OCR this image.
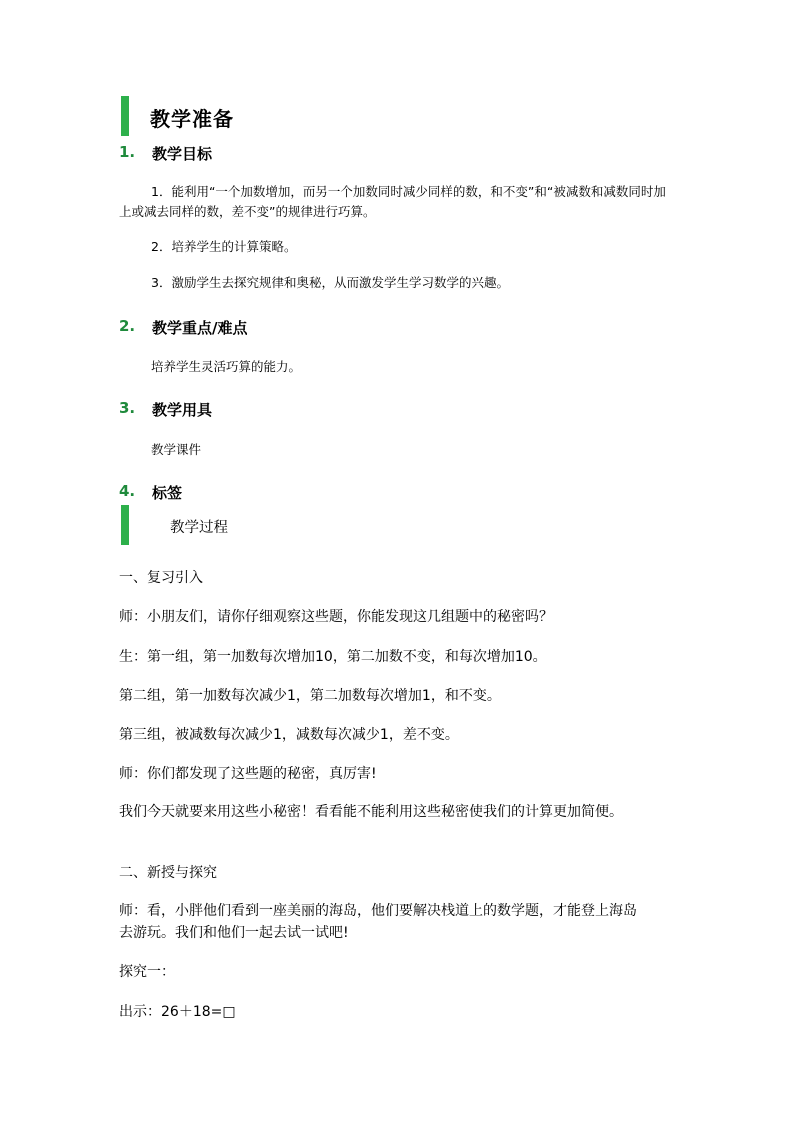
教学准备
1. 教学目标
1．能利用“一个加数增加，而另一个加数同时减少同样的数，和不变”和“被减数和减数同时加上或减去同样的数，差不变”的规律进行巧算。
2．培养学生的计算策略。
3．激励学生去探究规律和奥秘，从而激发学生学习数学的兴趣。
2. 教学重点/难点
培养学生灵活巧算的能力。
3. 教学用具
教学课件
4. 标签
教学过程
一、复习引入
师：小朋友们，请你仔细观察这些题，你能发现这几组题中的秘密吗？
生：第一组，第一加数每次增加10，第二加数不变，和每次增加10。
第二组，第一加数每次减少1，第二加数每次增加1，和不变。
第三组，被减数每次减少1，减数每次减少1，差不变。
师：你们都发现了这些题的秘密，真厉害!
我们今天就要来用这些小秘密！看看能不能利用这些秘密使我们的计算更加简便。
二、新授与探究
师：看，小胖他们看到一座美丽的海岛，他们要解决栈道上的数学题，才能登上海岛去游玩。我们和他们一起去试一试吧!
探究一：
出示：26＋18=□
